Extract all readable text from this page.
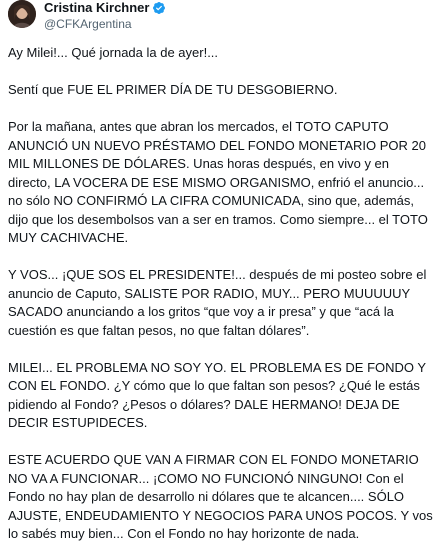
Cristina Kirchner
@CFKArgentina

Ay Milei!... Qué jornada la de ayer!...

Sentí que FUE EL PRIMER DÍA DE TU DESGOBIERNO.

Por la mañana, antes que abran los mercados, el TOTO CAPUTO ANUNCIÓ UN NUEVO PRÉSTAMO DEL FONDO MONETARIO POR 20 MIL MILLONES DE DÓLARES. Unas horas después, en vivo y en directo, LA VOCERA DE ESE MISMO ORGANISMO, enfrió el anuncio... no sólo NO CONFIRMÓ LA CIFRA COMUNICADA, sino que, además, dijo que los desembolsos van a ser en tramos. Como siempre... el TOTO MUY CACHIVACHE.

Y VOS... ¡QUE SOS EL PRESIDENTE!... después de mi posteo sobre el anuncio de Caputo, SALISTE POR RADIO, MUY... PERO MUUUUUY SACADO anunciando a los gritos “que voy a ir presa” y que “acá la cuestión es que faltan pesos, no que faltan dólares”.

MILEI... EL PROBLEMA NO SOY YO. EL PROBLEMA ES DE FONDO Y CON EL FONDO. ¿Y cómo que lo que faltan son pesos? ¿Qué le estás pidiendo al Fondo? ¿Pesos o dólares? DALE HERMANO! DEJA DE DECIR ESTUPIDECES.

ESTE ACUERDO QUE VAN A FIRMAR CON EL FONDO MONETARIO NO VA A FUNCIONAR... ¡COMO NO FUNCIONÓ NINGUNO! Con el Fondo no hay plan de desarrollo ni dólares que te alcancen.... SÓLO AJUSTE, ENDEUDAMIENTO Y NEGOCIOS PARA UNOS POCOS. Y vos lo sabés muy bien... Con el Fondo no hay horizonte de nada.
